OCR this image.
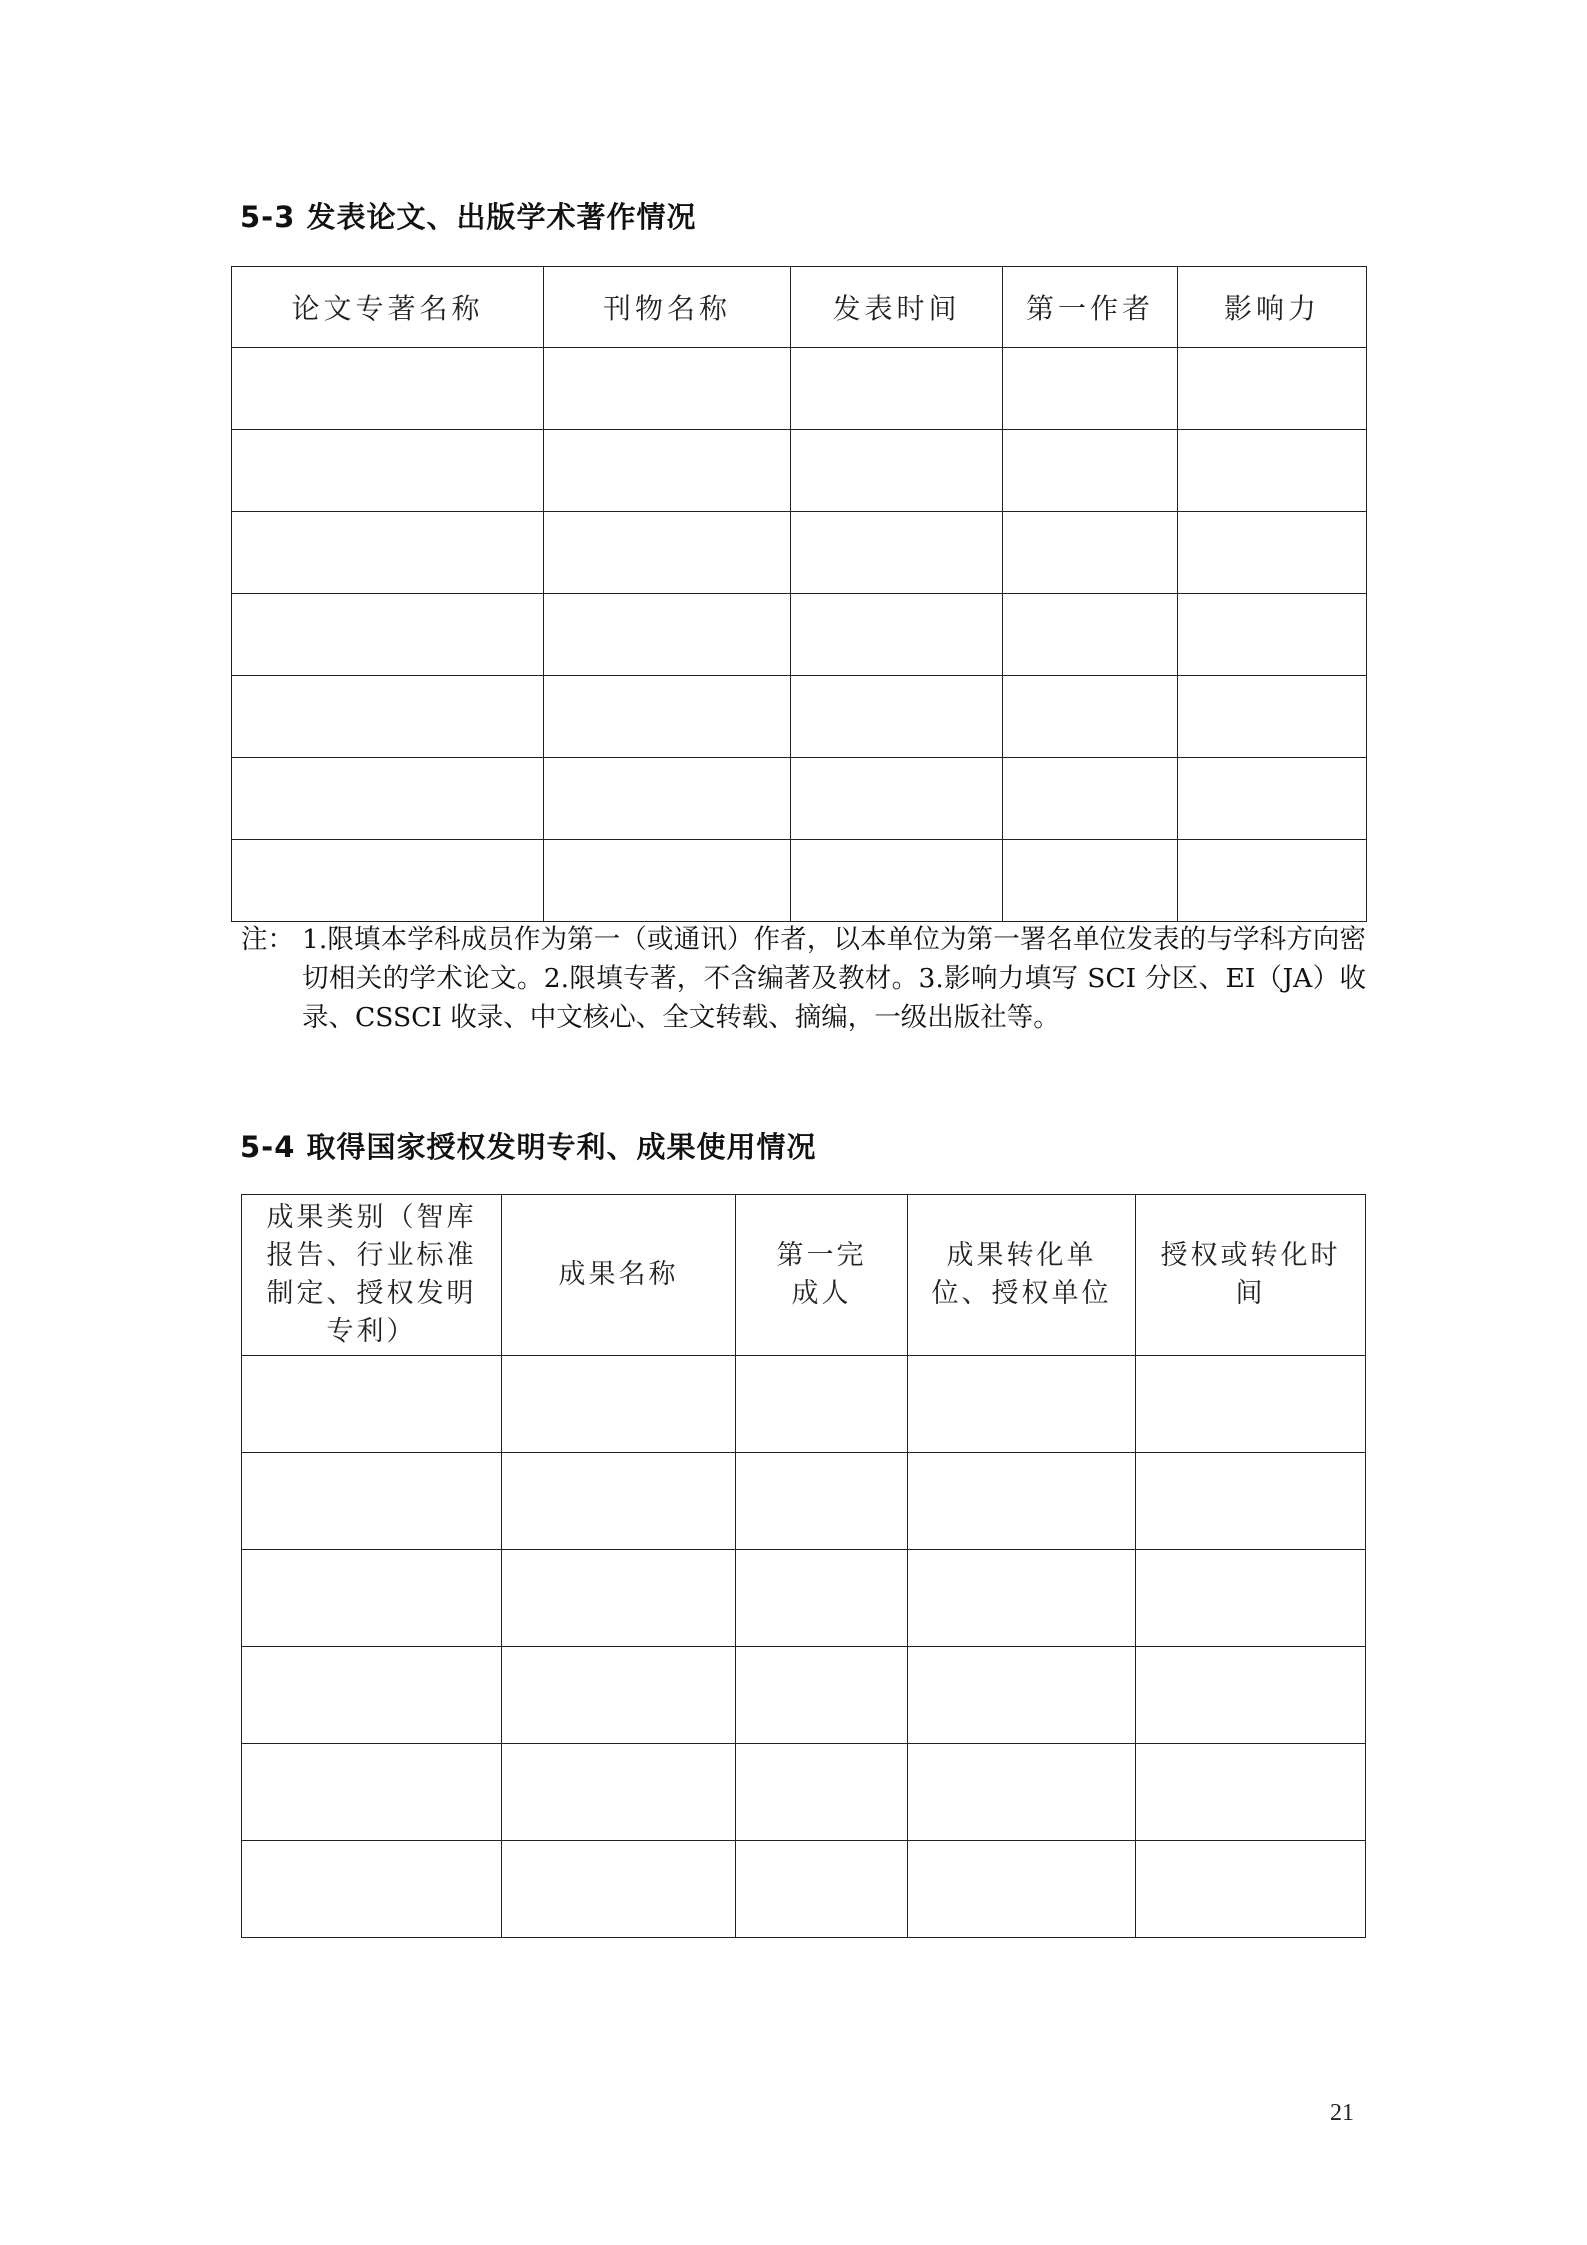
5-3 发表论文、出版学术著作情况
论文专著名称	刊物名称	发表时间	第一作者	影响力

注： 1.限填本学科成员作为第一（或通讯）作者，以本单位为第一署名单位发表的与学科方向密切相关的学术论文。2.限填专著，不含编著及教材。3.影响力填写 SCI 分区、EI（JA）收录、CSSCI 收录、中文核心、全文转载、摘编，一级出版社等。
5-4 取得国家授权发明专利、成果使用情况
成果类别（智库报告、行业标准制定、授权发明专利）	成果名称	第一完成人	成果转化单位、授权单位	授权或转化时间

21
